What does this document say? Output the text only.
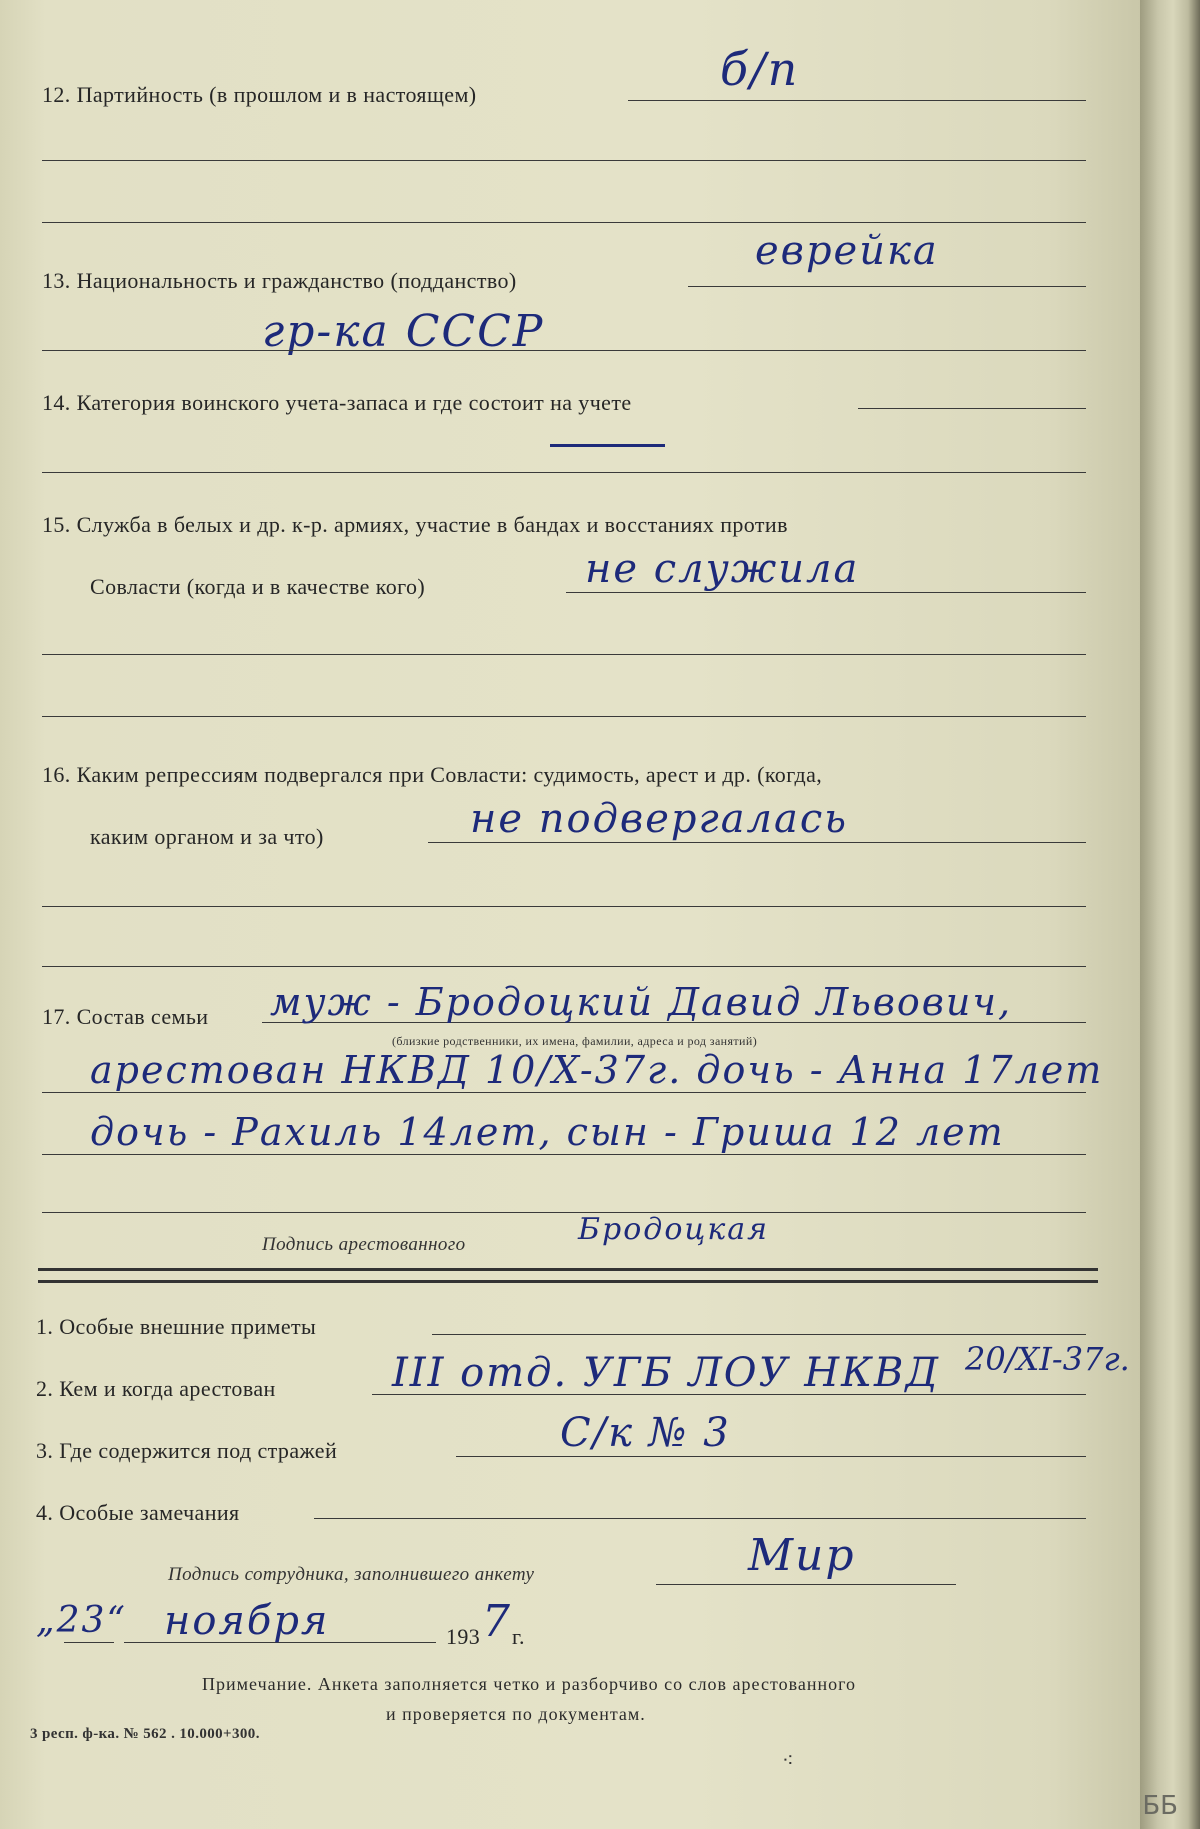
12. Партийность (в прошлом и в настоящем)	б/п
13. Национальность и гражданство (подданство)
еврейка
гр-ка СССР
14. Категория воинского учета-запаса и где состоит на учете
15. Служба в белых и др. к-р. армиях, участие в бандах и восстаниях против
Совласти (когда и в качестве кого)	не служила
16. Каким репрессиям подвергался при Совласти: судимость, арест и др. (когда,
каким органом и за что)	не подвергалась
17. Состав семьи муж - Бродоцкий Давид Львович,
(близкие родственники, их имена, фамилии, адреса и род занятий)
арестован НКВД 10/X-37г. дочь - Анна 17лет
дочь - Рахиль 14лет, сын - Гриша 12 лет
Подпись арестованного	Бродоцкая
1. Особые внешние приметы
2. Кем и когда арестован	III отд. УГБ ЛОУ НКВД 20/XI-37г.
3. Где содержится под стражей	С/к № 3
4. Особые замечания
Подпись сотрудника, заполнившего анкету	Мир
„23“ ноября	193 7 г.
Примечание. Анкета заполняется четко и разборчиво со слов арестованного
и проверяется по документам.
3 респ. ф-ка. № 562 . 10.000+300.
⁖
ББ
